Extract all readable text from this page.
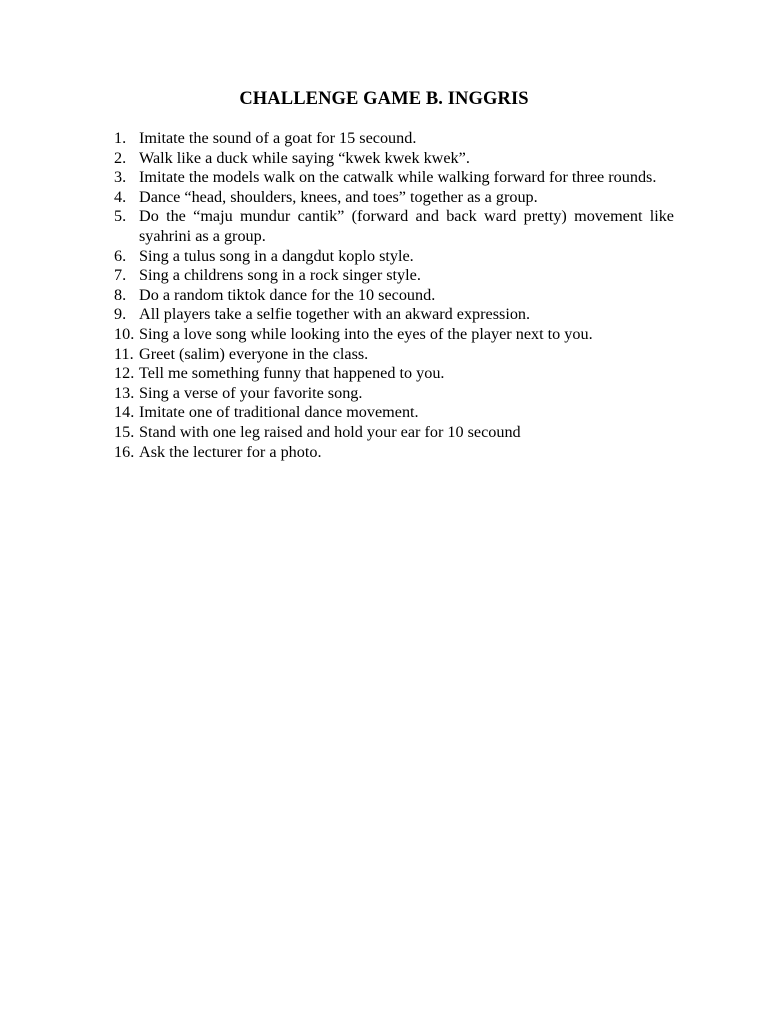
CHALLENGE GAME B. INGGRIS
1. Imitate the sound of a goat for 15 secound.
2. Walk like a duck while saying “kwek kwek kwek”.
3. Imitate the models walk on the catwalk while walking forward for three rounds.
4. Dance “head, shoulders, knees, and toes” together as a group.
5. Do the “maju mundur cantik” (forward and back ward pretty) movement like syahrini as a group.
6. Sing a tulus song in a dangdut koplo style.
7. Sing a childrens song in a rock singer style.
8. Do a random tiktok dance for the 10 secound.
9. All players take a selfie together with an akward expression.
10. Sing a love song while looking into the eyes of the player next to you.
11. Greet (salim) everyone in the class.
12. Tell me something funny that happened to you.
13. Sing a verse of your favorite song.
14. Imitate one of traditional dance movement.
15. Stand with one leg raised and hold your ear for 10 secound
16. Ask the lecturer for a photo.
